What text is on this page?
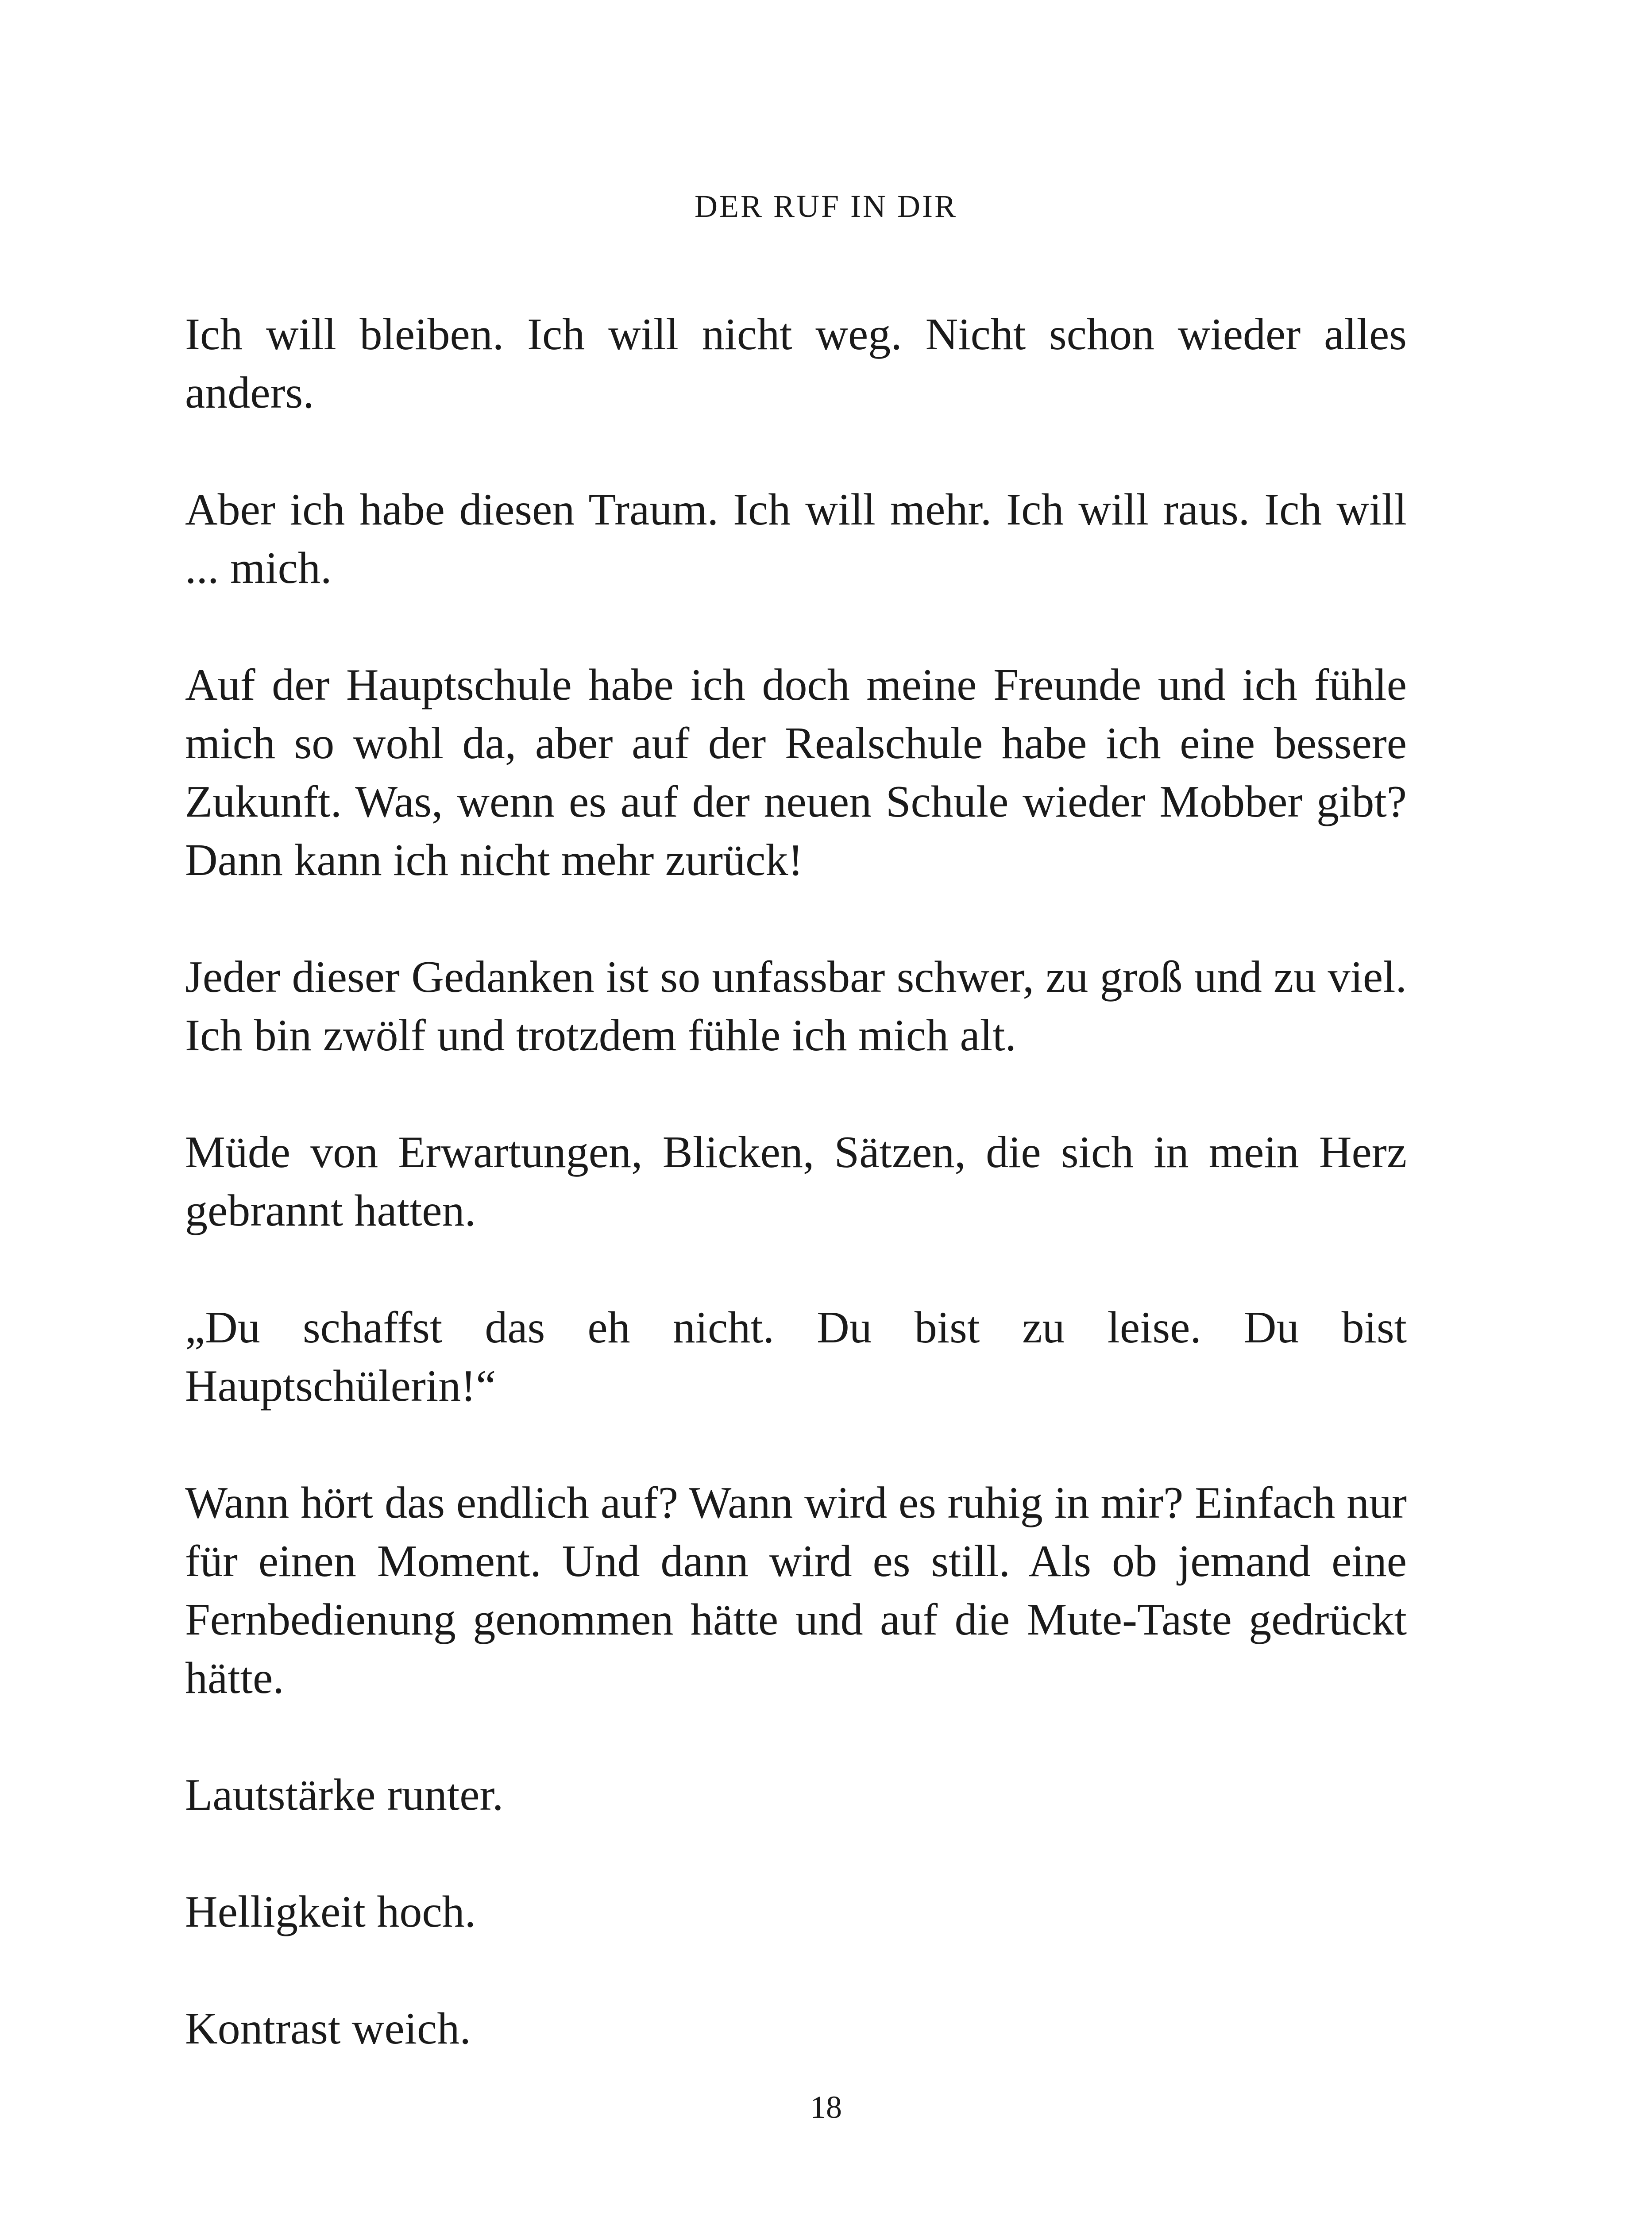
DER RUF IN DIR

Ich will bleiben. Ich will nicht weg. Nicht schon wieder alles anders.

Aber ich habe diesen Traum. Ich will mehr. Ich will raus. Ich will ... mich.

Auf der Hauptschule habe ich doch meine Freunde und ich fühle mich so wohl da, aber auf der Realschule habe ich eine bessere Zukunft. Was, wenn es auf der neuen Schule wieder Mobber gibt? Dann kann ich nicht mehr zurück!

Jeder dieser Gedanken ist so unfassbar schwer, zu groß und zu viel. Ich bin zwölf und trotzdem fühle ich mich alt.

Müde von Erwartungen, Blicken, Sätzen, die sich in mein Herz gebrannt hatten.

„Du schaffst das eh nicht. Du bist zu leise. Du bist Hauptschülerin!“

Wann hört das endlich auf? Wann wird es ruhig in mir? Einfach nur für einen Moment. Und dann wird es still. Als ob jemand eine Fernbedienung genommen hätte und auf die Mute-Taste gedrückt hätte.

Lautstärke runter.

Helligkeit hoch.

Kontrast weich.

18
